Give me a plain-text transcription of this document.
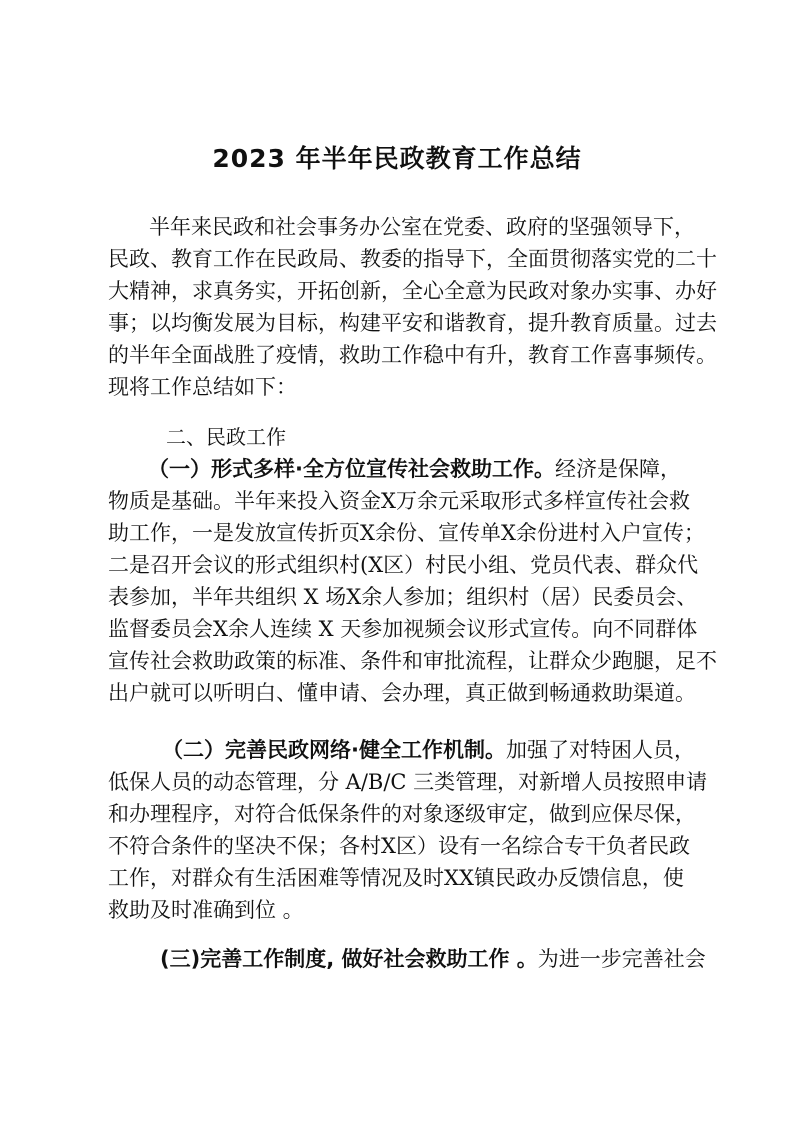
2023 年半年民政教育工作总结

半年来民政和社会事务办公室在党委、政府的坚强领导下，

民政、教育工作在民政局、教委的指导下，全面贯彻落实党的二十

大精神，求真务实，开拓创新，全心全意为民政对象办实事、办好

事；以均衡发展为目标，构建平安和谐教育，提升教育质量。过去

的半年全面战胜了疫情，救助工作稳中有升，教育工作喜事频传。

现将工作总结如下：

二、民政工作

（一）形式多样·全方位宣传社会救助工作。经济是保障，

物质是基础。半年来投入资金X万余元采取形式多样宣传社会救

助工作，一是发放宣传折页X余份、宣传单X余份进村入户宣传；

二是召开会议的形式组织村(X区）村民小组、党员代表、群众代

表参加，半年共组织 X 场X余人参加；组织村（居）民委员会、

监督委员会X余人连续 X 天参加视频会议形式宣传。向不同群体

宣传社会救助政策的标准、条件和审批流程，让群众少跑腿，足不

出户就可以听明白、懂申请、会办理，真正做到畅通救助渠道。

（二）完善民政网络·健全工作机制。加强了对特困人员，

低保人员的动态管理，分 A/B/C 三类管理，对新增人员按照申请

和办理程序，对符合低保条件的对象逐级审定，做到应保尽保，

不符合条件的坚决不保；各村X区）设有一名综合专干负者民政

工作，对群众有生活困难等情况及时XX镇民政办反馈信息，使

救助及时准确到位 。

(三)完善工作制度, 做好社会救助工作 。为进一步完善社会
